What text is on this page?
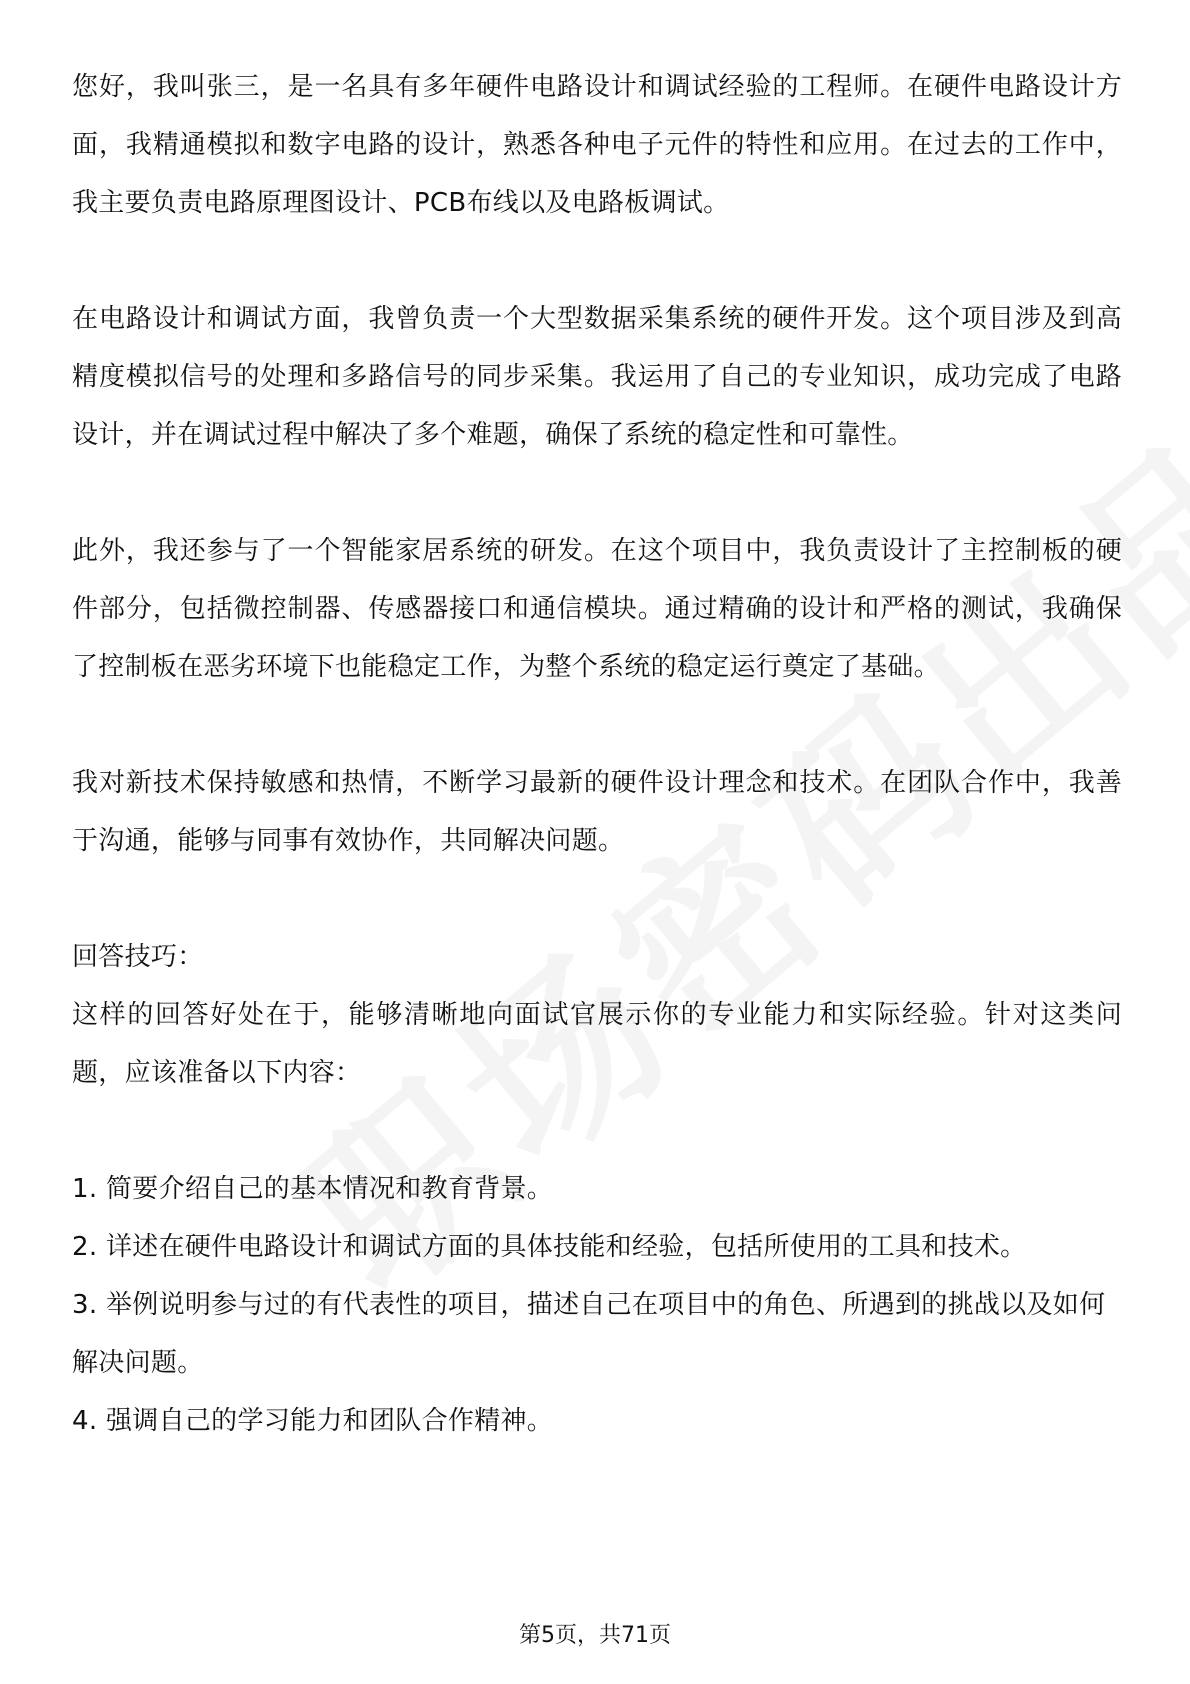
您好，我叫张三，是一名具有多年硬件电路设计和调试经验的工程师。在硬件电路设计方面，我精通模拟和数字电路的设计，熟悉各种电子元件的特性和应用。在过去的工作中，我主要负责电路原理图设计、PCB布线以及电路板调试。

在电路设计和调试方面，我曾负责一个大型数据采集系统的硬件开发。这个项目涉及到高精度模拟信号的处理和多路信号的同步采集。我运用了自己的专业知识，成功完成了电路设计，并在调试过程中解决了多个难题，确保了系统的稳定性和可靠性。

此外，我还参与了一个智能家居系统的研发。在这个项目中，我负责设计了主控制板的硬件部分，包括微控制器、传感器接口和通信模块。通过精确的设计和严格的测试，我确保了控制板在恶劣环境下也能稳定工作，为整个系统的稳定运行奠定了基础。

我对新技术保持敏感和热情，不断学习最新的硬件设计理念和技术。在团队合作中，我善于沟通，能够与同事有效协作，共同解决问题。

回答技巧：

这样的回答好处在于，能够清晰地向面试官展示你的专业能力和实际经验。针对这类问题，应该准备以下内容：

1. 简要介绍自己的基本情况和教育背景。
2. 详述在硬件电路设计和调试方面的具体技能和经验，包括所使用的工具和技术。
3. 举例说明参与过的有代表性的项目，描述自己在项目中的角色、所遇到的挑战以及如何解决问题。
4. 强调自己的学习能力和团队合作精神。
第5页，共71页
